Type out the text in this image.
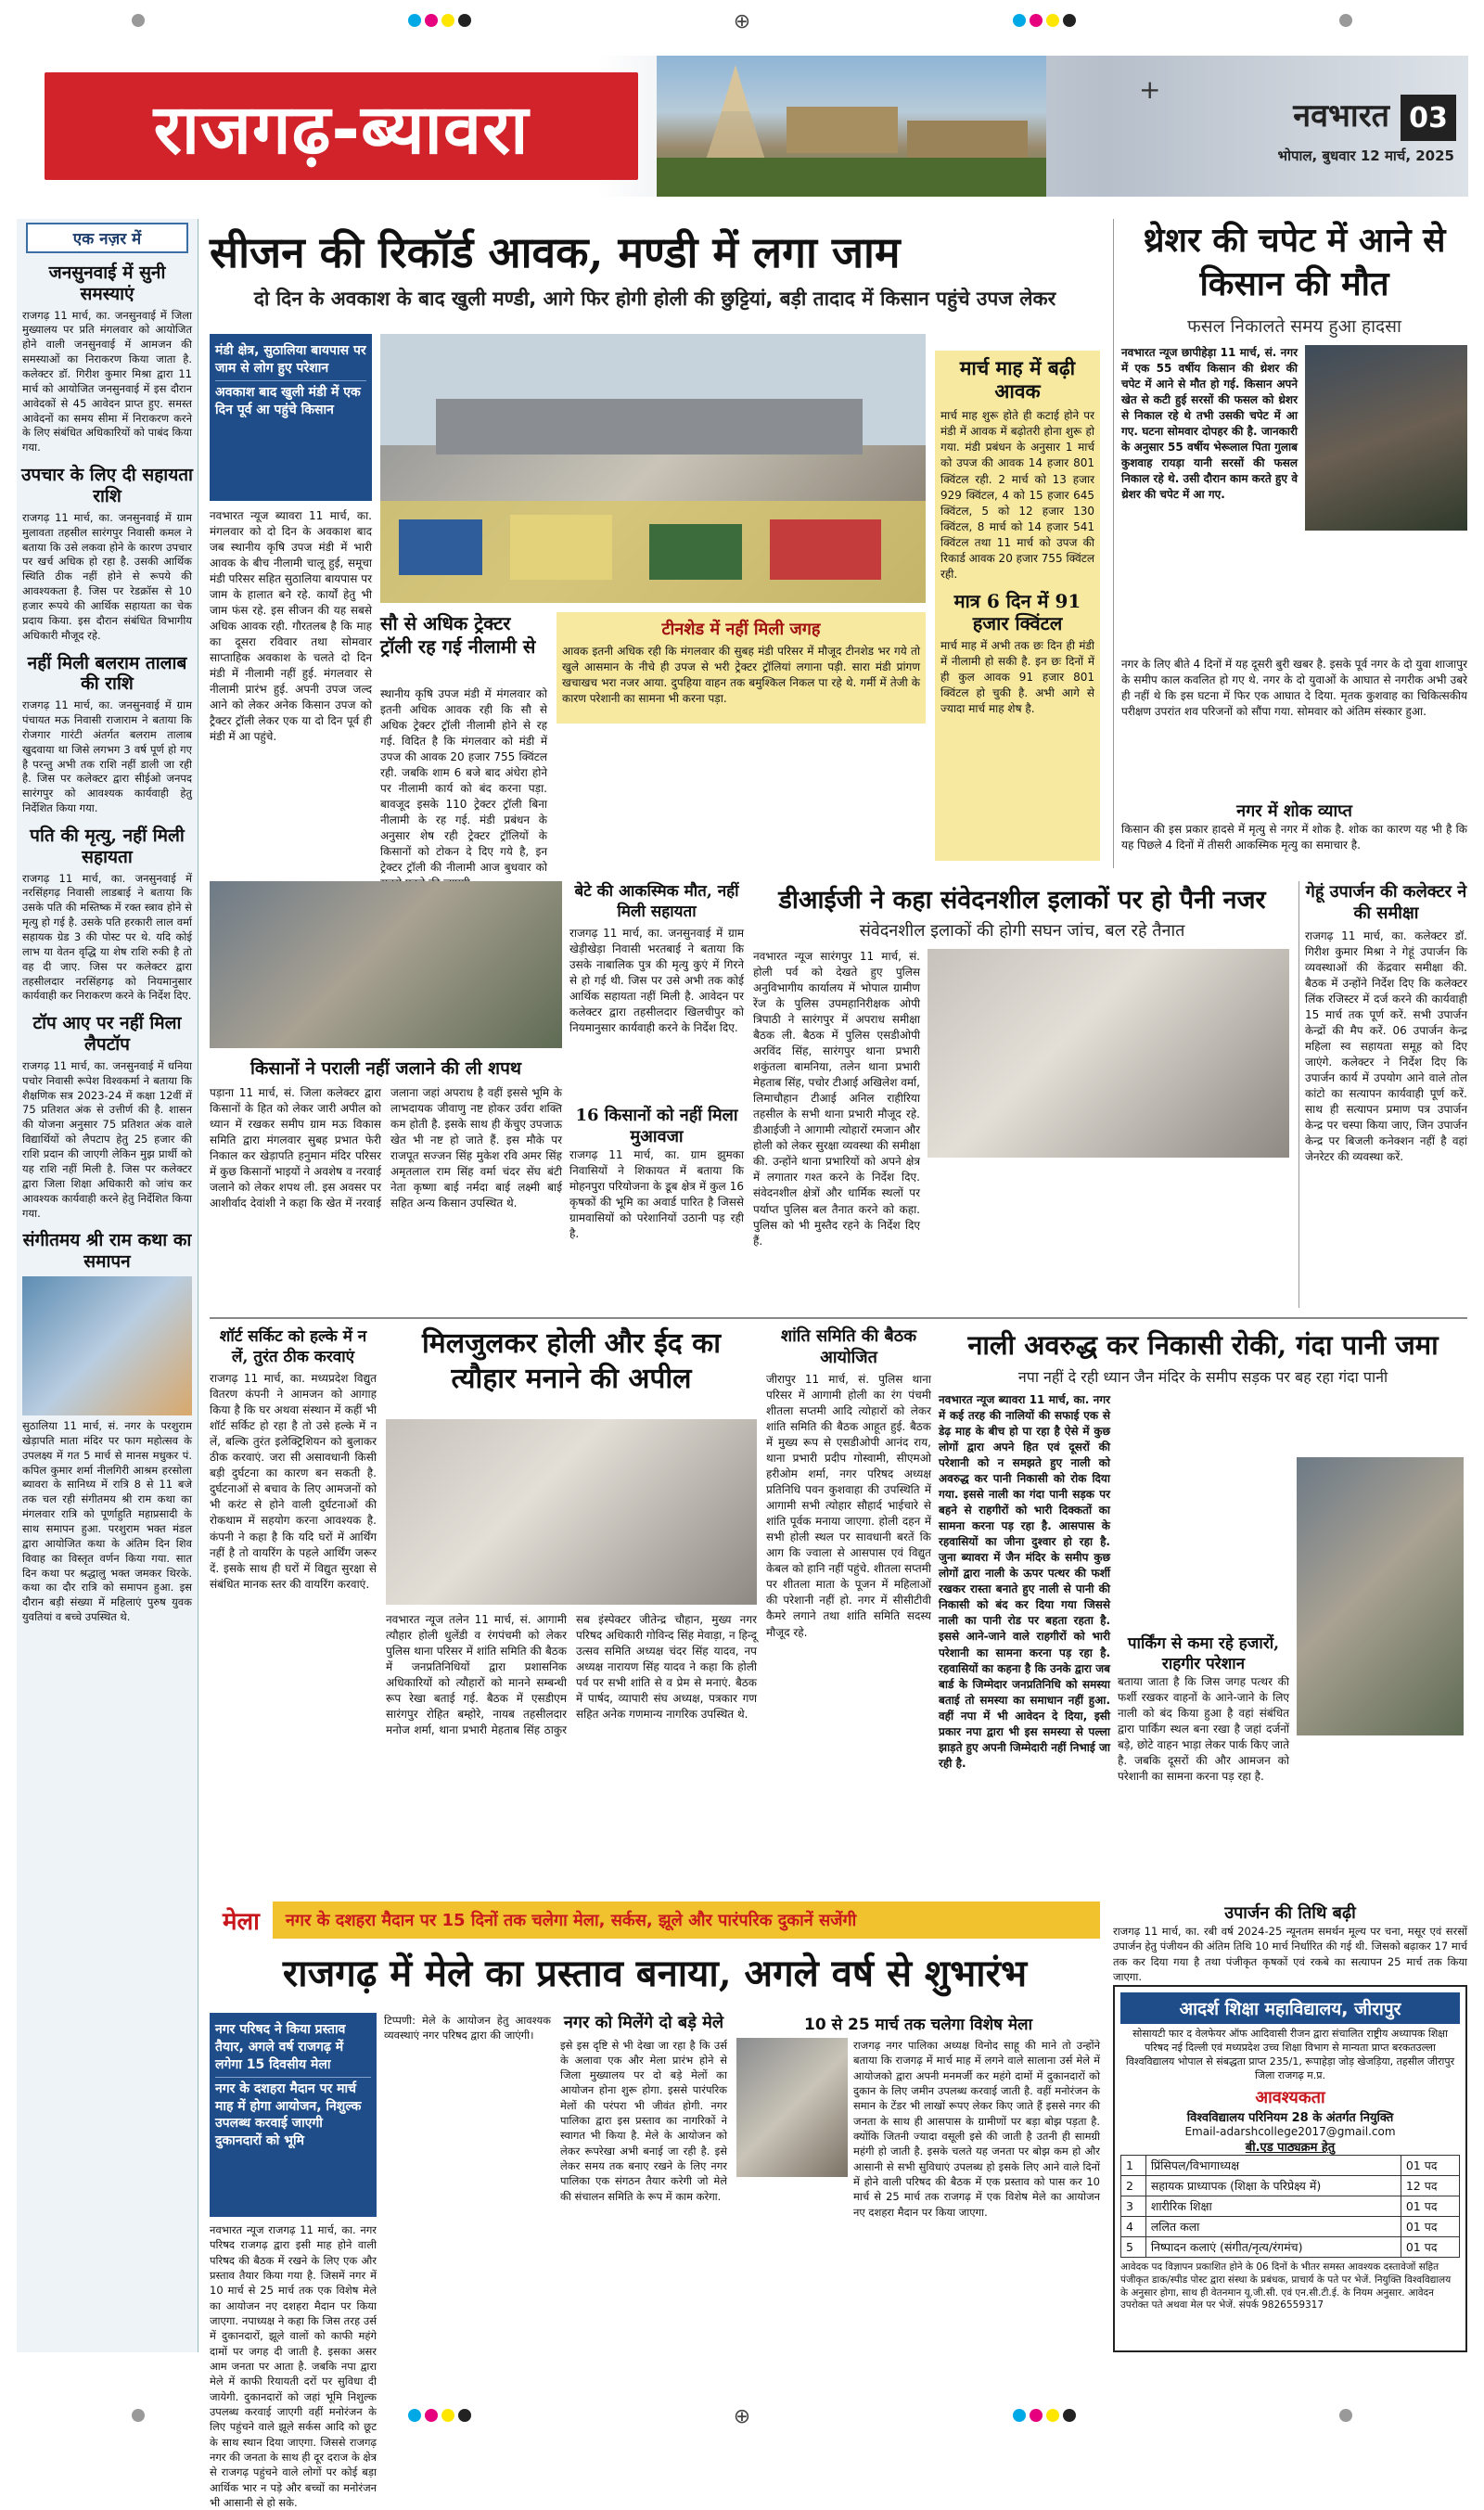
⊕
राजगढ़-ब्यावरा	+
नवभारत 03
भोपाल, बुधवार 12 मार्च, 2025
एक नज़र में
जनसुनवाई में सुनी समस्याएं
राजगढ़ 11 मार्च, का. जनसुनवाई में जिला मुख्यालय पर प्रति मंगलवार को आयोजित होने वाली जनसुनवाई में आमजन की समस्याओं का निराकरण किया जाता है. कलेक्टर डॉ. गिरीश कुमार मिश्रा द्वारा 11 मार्च को आयोजित जनसुनवाई में इस दौरान आवेदकों से 45 आवेदन प्राप्त हुए. समस्त आवेदनों का समय सीमा में निराकरण करने के लिए संबंधित अधिकारियों को पाबंद किया गया.
उपचार के लिए दी सहायता राशि
राजगढ़ 11 मार्च, का. जनसुनवाई में ग्राम मुलावता तहसील सारंगपुर निवासी कमल ने बताया कि उसे लकवा होने के कारण उपचार पर खर्च अधिक हो रहा है. उसकी आर्थिक स्थिति ठीक नहीं होने से रूपये की आवश्यकता है. जिस पर रेडक्रॉस से 10 हजार रूपये की आर्थिक सहायता का चेक प्रदाय किया. इस दौरान संबंधित विभागीय अधिकारी मौजूद रहे.
नहीं मिली बलराम तालाब की राशि
राजगढ़ 11 मार्च, का. जनसुनवाई में ग्राम पंचायत मऊ निवासी राजाराम ने बताया कि रोजगार गारंटी अंतर्गत बलराम तालाब खुदवाया था जिसे लगभग 3 वर्ष पूर्ण हो गए है परन्तु अभी तक राशि नहीं डाली जा रही है. जिस पर कलेक्टर द्वारा सीईओ जनपद सारंगपुर को आवश्यक कार्यवाही हेतु निर्देशित किया गया.
पति की मृत्यु, नहीं मिली सहायता
राजगढ़ 11 मार्च, का. जनसुनवाई में नरसिंहगढ़ निवासी लाडबाई ने बताया कि उसके पति की मस्तिष्क में रक्त स्त्राव होने से मृत्यु हो गई है. उसके पति हरकारी लाल वर्मा सहायक ग्रेड 3 की पोस्ट पर थे. यदि कोई लाभ या वेतन वृद्धि या शेष राशि रुकी है तो वह दी जाए. जिस पर कलेक्टर द्वारा तहसीलदार नरसिंहगढ़ को नियमानुसार कार्यवाही कर निराकरण करने के निर्देश दिए.
टॉप आए पर नहीं मिला लैपटॉप
राजगढ़ 11 मार्च, का. जनसुनवाई में धनिया पचोर निवासी रूपेश विश्वकर्मा ने बताया कि शैक्षणिक सत्र 2023-24 में कक्षा 12वीं में 75 प्रतिशत अंक से उत्तीर्ण की है. शासन की योजना अनुसार 75 प्रतिशत अंक वाले विद्यार्थियों को लैपटाप हेतु 25 हजार की राशि प्रदान की जाएगी लेकिन मुझ प्रार्थी को यह राशि नहीं मिली है. जिस पर कलेक्टर द्वारा जिला शिक्षा अधिकारी को जांच कर आवश्यक कार्यवाही करने हेतु निर्देशित किया गया.
संगीतमय श्री राम कथा का समापन
सुठालिया 11 मार्च, सं. नगर के परशुराम खेड़ापति माता मंदिर पर फाग महोत्सव के उपलक्ष्य में गत 5 मार्च से मानस मधुकर पं. कपिल कुमार शर्मा नीलगिरी आश्रम हरसोला ब्यावरा के सानिध्य में रात्रि 8 से 11 बजे तक चल रही संगीतमय श्री राम कथा का मंगलवार रात्रि को पूर्णाहुति महाप्रसादी के साथ समापन हुआ. परशुराम भक्त मंडल द्वारा आयोजित कथा के अंतिम दिन शिव विवाह का विस्तृत वर्णन किया गया. सात दिन कथा पर श्रद्धालु भक्त जमकर थिरके. कथा का दौर रात्रि को समापन हुआ. इस दौरान बड़ी संख्या में महिलाएं पुरुष युवक युवतियां व बच्चे उपस्थित थे.
सीजन की रिकॉर्ड आवक, मण्डी में लगा जाम
दो दिन के अवकाश के बाद खुली मण्डी, आगे फिर होगी होली की छुट्टियां, बड़ी तादाद में किसान पहुंचे उपज लेकर
मंडी क्षेत्र, सुठालिया बायपास पर जाम से लोग हुए परेशान
अवकाश बाद खुली मंडी में एक दिन पूर्व आ पहुंचे किसान
नवभारत न्यूज ब्यावरा 11 मार्च, का. मंगलवार को दो दिन के अवकाश बाद जब स्थानीय कृषि उपज मंडी में भारी आवक के बीच नीलामी चालू हुई, समूचा मंडी परिसर सहित सुठालिया बायपास पर जाम के हालात बने रहे. कार्यों हेतु भी जाम फंस रहे. इस सीजन की यह सबसे अधिक आवक रही. गौरतलब है कि माह का दूसरा रविवार तथा सोमवार साप्ताहिक अवकाश के चलते दो दिन मंडी में नीलामी नहीं हुई. मंगलवार से नीलामी प्रारंभ हुई. अपनी उपज जल्द आने को लेकर अनेक किसान उपज को ट्रैक्टर ट्रॉली लेकर एक या दो दिन पूर्व ही मंडी में आ पहुंचे.
सौ से अधिक ट्रेक्टर ट्रॉली रह गई नीलामी से
स्थानीय कृषि उपज मंडी में मंगलवार को इतनी अधिक आवक रही कि सौ से अधिक ट्रेक्टर ट्रॉली नीलामी होने से रह गई. विदित है कि मंगलवार को मंडी में उपज की आवक 20 हजार 755 क्विंटल रही. जबकि शाम 6 बजे बाद अंधेरा होने पर नीलामी कार्य को बंद करना पड़ा. बावजूद इसके 110 ट्रेक्टर ट्रॉली बिना नीलामी के रह गई. मंडी प्रबंधन के अनुसार शेष रही ट्रेक्टर ट्रॉलियों के किसानों को टोकन दे दिए गये है, इन ट्रेक्टर ट्रॉली की नीलामी आज बुधवार को
टीनशेड में नहीं मिली जगह
आवक इतनी अधिक रही कि मंगलवार की सुबह मंडी परिसर में मौजूद टीनशेड भर गये तो खुले आसमान के नीचे ही उपज से भरी ट्रेक्टर ट्रॉलियां लगाना पड़ी. सारा मंडी प्रांगण खचाखच भरा नजर आया. दुपहिया वाहन तक बमुश्किल निकल पा रहे थे. गर्मी में तेजी के कारण परेशानी का सामना भी करना पड़ा.
मार्च माह में बढ़ी आवक
मार्च माह शुरू होते ही कटाई होने पर मंडी में आवक में बढ़ोतरी होना शुरू हो गया. मंडी प्रबंधन के अनुसार 1 मार्च को उपज की आवक 14 हजार 801 क्विंटल रही. 2 मार्च को 13 हजार 929 क्विंटल, 4 को 15 हजार 645 क्विंटल, 5 को 12 हजार 130 क्विंटल, 8 मार्च को 14 हजार 541 क्विंटल तथा 11 मार्च को उपज की रिकार्ड आवक 20 हजार 755 क्विंटल रही.
मात्र 6 दिन में 91 हजार क्विंटल
मार्च माह में अभी तक छः दिन ही मंडी में नीलामी हो सकी है. इन छः दिनों में ही कुल आवक 91 हजार 801 क्विंटल हो चुकी है. अभी आगे से ज्यादा मार्च माह शेष है.
थ्रेशर की चपेट में आने से किसान की मौत
फसल निकालते समय हुआ हादसा
नवभारत न्यूज छापीहेड़ा 11 मार्च, सं. नगर में एक 55 वर्षीय किसान की थ्रेशर की चपेट में आने से मौत हो गई. किसान अपने खेत से कटी हुई सरसों की फसल को थ्रेशर से निकाल रहे थे तभी उसकी चपेट में आ गए. घटना सोमवार दोपहर की है. जानकारी के अनुसार 55 वर्षीय भेरूलाल पिता गुलाब कुशवाह रायड़ा यानी सरसों की फसल निकाल रहे थे. उसी दौरान काम करते हुए वे थ्रेशर की चपेट में आ गए.
नगर के लिए बीते 4 दिनों में यह दूसरी बुरी खबर है. इसके पूर्व नगर के दो युवा शाजापुर के समीप काल कवलित हो गए थे. नगर के दो युवाओं के आघात से नगरीक अभी उबरे ही नहीं थे कि इस घटना में फिर एक आघात दे दिया. मृतक कुशवाह का चिकित्सकीय परीक्षण उपरांत शव परिजनों को सौंपा गया. सोमवार को अंतिम संस्कार हुआ.
नगर में शोक व्याप्त
किसान की इस प्रकार हादसे में मृत्यु से नगर में शोक है. शोक का कारण यह भी है कि यह पिछले 4 दिनों में तीसरी आकस्मिक मृत्यु का समाचार है.
किसानों ने पराली नहीं जलाने की ली शपथ
पड़ाना 11 मार्च, सं. जिला कलेक्टर द्वारा किसानों के हित को लेकर जारी अपील को ध्यान में रखकर समीप ग्राम मऊ विकास समिति द्वारा मंगलवार सुबह प्रभात फेरी निकाल कर खेड़ापति हनुमान मंदिर परिसर में कुछ किसानों भाइयों ने अवशेष व नरवाई जलाने को लेकर शपथ ली. इस अवसर पर आशीर्वाद देवांशी ने कहा कि खेत में नरवाई जलाना जहां अपराध है वहीं इससे भूमि के लाभदायक जीवाणु नष्ट होकर उर्वरा शक्ति कम होती है. इसके साथ ही केंचुए उपजाऊ खेत भी नष्ट हो जाते हैं. इस मौके पर राजपूत सज्जन सिंह मुकेश रवि अमर सिंह अमृतलाल राम सिंह वर्मा चंदर सेंघ बंटी नेता कृष्णा बाई नर्मदा बाई लक्ष्मी बाई सहित अन्य किसान उपस्थित थे.
बेटे की आकस्मिक मौत, नहीं मिली सहायता
राजगढ़ 11 मार्च, का. जनसुनवाई में ग्राम खेड़ीखेड़ा निवासी भरतबाई ने बताया कि उसके नाबालिक पुत्र की मृत्यु कुएं में गिरने से हो गई थी. जिस पर उसे अभी तक कोई आर्थिक सहायता नहीं मिली है. आवेदन पर कलेक्टर द्वारा तहसीलदार खिलचीपुर को नियमानुसार कार्यवाही करने के निर्देश दिए.
16 किसानों को नहीं मिला मुआवजा
राजगढ़ 11 मार्च, का. ग्राम झुमका निवासियों ने शिकायत में बताया कि मोहनपुरा परियोजना के डूब क्षेत्र में कुल 16 कृषकों की भूमि का अवार्ड पारित है जिससे ग्रामवासियों को परेशानियों उठानी पड़ रही है.
डीआईजी ने कहा संवेदनशील इलाकों पर हो पैनी नजर
संवेदनशील इलाकों की होगी सघन जांच, बल रहे तैनात
नवभारत न्यूज सारंगपुर 11 मार्च, सं. होली पर्व को देखते हुए पुलिस अनुविभागीय कार्यालय में भोपाल ग्रामीण रेंज के पुलिस उपमहानिरीक्षक ओपी त्रिपाठी ने सारंगपुर में अपराध समीक्षा बैठक ली. बैठक में पुलिस एसडीओपी अरविंद सिंह, सारंगपुर थाना प्रभारी शकुंतला बामनिया, तलेन थाना प्रभारी मेहताब सिंह, पचोर टीआई अखिलेश वर्मा, लिमाचौहान टीआई अनिल राहीरिया तहसील के सभी थाना प्रभारी मौजूद रहे. डीआईजी ने आगामी त्योहारों रमजान और होली को लेकर सुरक्षा व्यवस्था की समीक्षा की. उन्होंने थाना प्रभारियों को अपने क्षेत्र में लगातार गश्त करने के निर्देश दिए. संवेदनशील क्षेत्रों और धार्मिक स्थलों पर पर्याप्त पुलिस बल तैनात करने को कहा. पुलिस को भी मुस्तैद रहने के निर्देश दिए हैं.
गेहूं उपार्जन की कलेक्टर ने की समीक्षा
राजगढ़ 11 मार्च, का. कलेक्टर डॉ. गिरीश कुमार मिश्रा ने गेहूं उपार्जन कि व्यवस्थाओं की केंद्रवार समीक्षा की. बैठक में उन्होंने निर्देश दिए कि कलेक्टर लिंक रजिस्टर में दर्ज करने की कार्यवाही 15 मार्च तक पूर्ण करें. सभी उपार्जन केन्द्रों की मैप करें. 06 उपार्जन केन्द्र महिला स्व सहायता समूह को दिए जाएंगे. कलेक्टर ने निर्देश दिए कि उपार्जन कार्य में उपयोग आने वाले तोल कांटो का सत्यापन कार्यवाही पूर्ण करें. साथ ही सत्यापन प्रमाण पत्र उपार्जन केन्द्र पर चस्पा किया जाए, जिन उपार्जन केन्द्र पर बिजली कनेक्शन नहीं है वहां जेनरेटर की व्यवस्था करें.
शॉर्ट सर्किट को हल्के में न लें, तुरंत ठीक करवाएं
राजगढ़ 11 मार्च, का. मध्यप्रदेश विद्युत वितरण कंपनी ने आमजन को आगाह किया है कि घर अथवा संस्थान में कहीं भी शॉर्ट सर्किट हो रहा है तो उसे हल्के में न लें, बल्कि तुरंत इलेक्ट्रिशियन को बुलाकर ठीक करवाएं. जरा सी असावधानी किसी बड़ी दुर्घटना का कारण बन सकती है. दुर्घटनाओं से बचाव के लिए आमजनों को भी करंट से होने वाली दुर्घटनाओं की रोकथाम में सहयोग करना आवश्यक है. कंपनी ने कहा है कि यदि घरों में आर्थिंग नहीं है तो वायरिंग के पहले आर्थिंग जरूर दें. इसके साथ ही घरों में विद्युत सुरक्षा से संबंधित मानक स्तर की वायरिंग करवाएं.
मिलजुलकर होली और ईद का त्यौहार मनाने की अपील
नवभारत न्यूज तलेन 11 मार्च, सं. आगामी त्यौहार होली धुलेंडी व रंगपंचमी को लेकर पुलिस थाना परिसर में शांति समिति की बैठक में जनप्रतिनिधियों द्वारा प्रशासनिक अधिकारियों को त्यौहारों को मानने सम्बन्धी रूप रेखा बताई गई. बैठक में एसडीएम सारंगपुर रोहित बम्होरे, नायब तहसीलदार मनोज शर्मा, थाना प्रभारी मेहताब सिंह ठाकुर सब इंस्पेक्टर जीतेन्द्र चौहान, मुख्य नगर परिषद अधिकारी गोविन्द सिंह मेवाड़ा, न हिन्दू उत्सव समिति अध्यक्ष चंदर सिंह यादव, नप अध्यक्ष नारायण सिंह यादव ने कहा कि होली पर्व पर सभी शांति से व प्रेम से मनाएं. बैठक में पार्षद, व्यापारी संघ अध्यक्ष, पत्रकार गण सहित अनेक गणमान्य नागरिक उपस्थित थे.
शांति समिति की बैठक आयोजित
जीरापुर 11 मार्च, सं. पुलिस थाना परिसर में आगामी होली का रंग पंचमी शीतला सप्तमी आदि त्योहारों को लेकर शांति समिति की बैठक आहूत हुई. बैठक में मुख्य रूप से एसडीओपी आनंद राय, थाना प्रभारी प्रदीप गोस्वामी, सीएमओ हरीओम शर्मा, नगर परिषद अध्यक्ष प्रतिनिधि पवन कुशवाहा की उपस्थिति में आगामी सभी त्योहार सौहार्द भाईचारे से शांति पूर्वक मनाया जाएगा. होली दहन में सभी होली स्थल पर सावधानी बरतें कि आग कि ज्वाला से आसपास एवं विद्युत केबल को हानि नहीं पहुंचे. शीतला सप्तमी पर शीतला माता के पूजन में महिलाओं की परेशानी नहीं हो. नगर में सीसीटीवी कैमरे लगाने तथा शांति समिति सदस्य मौजूद रहे.
नाली अवरुद्ध कर निकासी रोकी, गंदा पानी जमा
नपा नहीं दे रही ध्यान जैन मंदिर के समीप सड़क पर बह रहा गंदा पानी
नवभारत न्यूज ब्यावरा 11 मार्च, का. नगर में कई तरह की नालियों की सफाई एक से डेढ़ माह के बीच हो पा रहा है ऐसे में कुछ लोगों द्वारा अपने हित एवं दूसरों की परेशानी को न समझते हुए नाली को अवरुद्ध कर पानी निकासी को रोक दिया गया. इससे नाली का गंदा पानी सड़क पर बहने से राहगीरों को भारी दिक्कतों का सामना करना पड़ रहा है. आसपास के रहवासियों का जीना दुश्वार हो रहा है. जुना ब्यावरा में जैन मंदिर के समीप कुछ लोगों द्वारा नाली के ऊपर पत्थर की फर्शी रखकर रास्ता बनाते हुए नाली से पानी की निकासी को बंद कर दिया गया जिससे नाली का पानी रोड पर बहता रहता है. इससे आने-जाने वाले राहगीरों को भारी परेशानी का सामना करना पड़ रहा है. रहवासियों का कहना है कि उनके द्वारा जब बार्ड के जिम्मेदार जनप्रतिनिधि को समस्या बताई तो समस्या का समाधान नहीं हुआ. वहीं नपा में भी आवेदन दे दिया, इसी प्रकार नपा द्वारा भी इस समस्या से पल्ला झाड़ते हुए अपनी जिम्मेदारी नहीं निभाई जा रही है.
पार्किंग से कमा रहे हजारों, राहगीर परेशान
बताया जाता है कि जिस जगह पत्थर की फर्शी रखकर वाहनों के आने-जाने के लिए नाली को बंद किया हुआ है वहां संबंधित द्वारा पार्किंग स्थल बना रखा है जहां दर्जनों बड़े, छोटे वाहन भाड़ा लेकर पार्क किए जाते है. जबकि दूसरों की और आमजन को परेशानी का सामना करना पड़ रहा है.
उपार्जन की तिथि बढ़ी
राजगढ़ 11 मार्च, का. रबी वर्ष 2024-25 न्यूनतम समर्थन मूल्य पर चना, मसूर एवं सरसों उपार्जन हेतु पंजीयन की अंतिम तिथि 10 मार्च निर्धारित की गई थी. जिसको बढ़ाकर 17 मार्च तक कर दिया गया है तथा पंजीकृत कृषकों एवं रकबे का सत्यापन 25 मार्च तक किया जाएगा.
मेला	नगर के दशहरा मैदान पर 15 दिनों तक चलेगा मेला, सर्कस, झूले और पारंपरिक दुकानें सजेंगी
राजगढ़ में मेले का प्रस्ताव बनाया, अगले वर्ष से शुभारंभ
नगर परिषद ने किया प्रस्ताव तैयार, अगले वर्ष राजगढ़ में लगेगा 15 दिवसीय मेला
नगर के दशहरा मैदान पर मार्च माह में होगा आयोजन, निशुल्क उपलब्ध करवाई जाएगी दुकानदारों को भूमि
नवभारत न्यूज राजगढ़ 11 मार्च, का. नगर परिषद राजगढ़ द्वारा इसी माह होने वाली परिषद की बैठक में रखने के लिए एक और प्रस्ताव तैयार किया गया है. जिसमें नगर में 10 मार्च से 25 मार्च तक एक विशेष मेले का आयोजन नए दशहरा मैदान पर किया जाएगा. नपाध्यक्ष ने कहा कि जिस तरह उर्स में दुकानदारों, झूले वालों को काफी महंगे दामों पर जगह दी जाती है. इसका असर आम जनता पर आता है. जबकि नपा द्वारा मेले में काफी रियायती दरों पर सुविधा दी जायेगी. दुकानदारों को जहां भूमि निशुल्क उपलब्ध करवाई जाएगी वहीं मनोरंजन के लिए पहुंचने वाले झूले सर्कस आदि को छूट के साथ स्थान दिया जाएगा. जिससे राजगढ़ नगर की जनता के साथ ही दूर दराज के क्षेत्र से राजगढ़ पहुंचने वाले लोगों पर कोई बड़ा आर्थिक भार न पड़े और बच्चों का मनोरंजन भी आसानी से हो सके.
टिप्पणी: मेले के आयोजन हेतु आवश्यक व्यवस्थाएं नगर परिषद द्वारा की जाएंगी।
नगर को मिलेंगे दो बड़े मेले
इसे इस दृष्टि से भी देखा जा रहा है कि उर्स के अलावा एक और मेला प्रारंभ होने से जिला मुख्यालय पर दो बड़े मेलों का आयोजन होना शुरू होगा. इससे पारंपरिक मेलों की परंपरा भी जीवंत होगी. नगर पालिका द्वारा इस प्रस्ताव का नागरिकों ने स्वागत भी किया है. मेले के आयोजन को लेकर रूपरेखा अभी बनाई जा रही है. इसे लेकर समय तक बनाए रखने के लिए नगर पालिका एक संगठन तैयार करेगी जो मेले की संचालन समिति के रूप में काम करेगा.
10 से 25 मार्च तक चलेगा विशेष मेला
राजगढ़ नगर पालिका अध्यक्ष विनोद साहू की माने तो उन्होंने बताया कि राजगढ़ में मार्च माह में लगने वाले सालाना उर्स मेले में आयोजको द्वारा अपनी मनमर्जी कर महंगे दामों में दुकानदारों को दुकान के लिए जमीन उपलब्ध करवाई जाती है. वहीं मनोरंजन के समान के टेंडर भी लाखों रूपए लेकर किए जाते हैं इससे नगर की जनता के साथ ही आसपास के ग्रामीणों पर बड़ा बोझ पड़ता है. क्योंकि जितनी ज्यादा वसूली इसे की जाती है उतनी ही सामग्री महंगी हो जाती है. इसके चलते यह जनता पर बोझ कम हो और आसानी से सभी सुविधाएं उपलब्ध हो इसके लिए आने वाले दिनों में होने वाली परिषद की बैठक में एक प्रस्ताव को पास कर 10 मार्च से 25 मार्च तक राजगढ़ में एक विशेष मेले का आयोजन नए दशहरा मैदान पर किया जाएगा.
आदर्श शिक्षा महाविद्यालय, जीरापुर
सोसायटी फार द वेलफेयर ऑफ आदिवासी रीजन द्वारा संचालित राष्ट्रीय अध्यापक शिक्षा परिषद नई दिल्ली एवं मध्यप्रदेश उच्च शिक्षा विभाग से मान्यता प्राप्त बरकतउल्ला विश्वविद्यालय भोपाल से संबद्धता प्राप्त 235/1, रूपाहेड़ा जोड़ खेजड़िया, तहसील जीरापुर जिला राजगढ़ म.प्र.
आवश्यकता
विश्वविद्यालय परिनियम 28 के अंतर्गत नियुक्ति
Email-adarshcollege2017@gmail.com
बी.एड पाठ्यक्रम हेतु
1	प्रिंसिपल/विभागाध्यक्ष	01 पद
2	सहायक प्राध्यापक (शिक्षा के परिप्रेक्ष्य में)	12 पद
3	शारीरिक शिक्षा	01 पद
4	ललित कला	01 पद
5	निष्पादन कलाएं (संगीत/नृत्य/रंगमंच)	01 पद
आवेदक पद विज्ञापन प्रकाशित होने के 06 दिनों के भीतर समस्त आवश्यक दस्तावेजों सहित पंजीकृत डाक/स्पीड पोस्ट द्वारा संस्था के प्रबंधक, प्राचार्य के पते पर भेजें. नियुक्ति विश्वविद्यालय के अनुसार होगा, साथ ही वेतनमान यू.जी.सी. एवं एन.सी.टी.ई. के नियम अनुसार. आवेदन उपरोक्त पते अथवा मेल पर भेजें. संपर्क 9826559317
⊕
